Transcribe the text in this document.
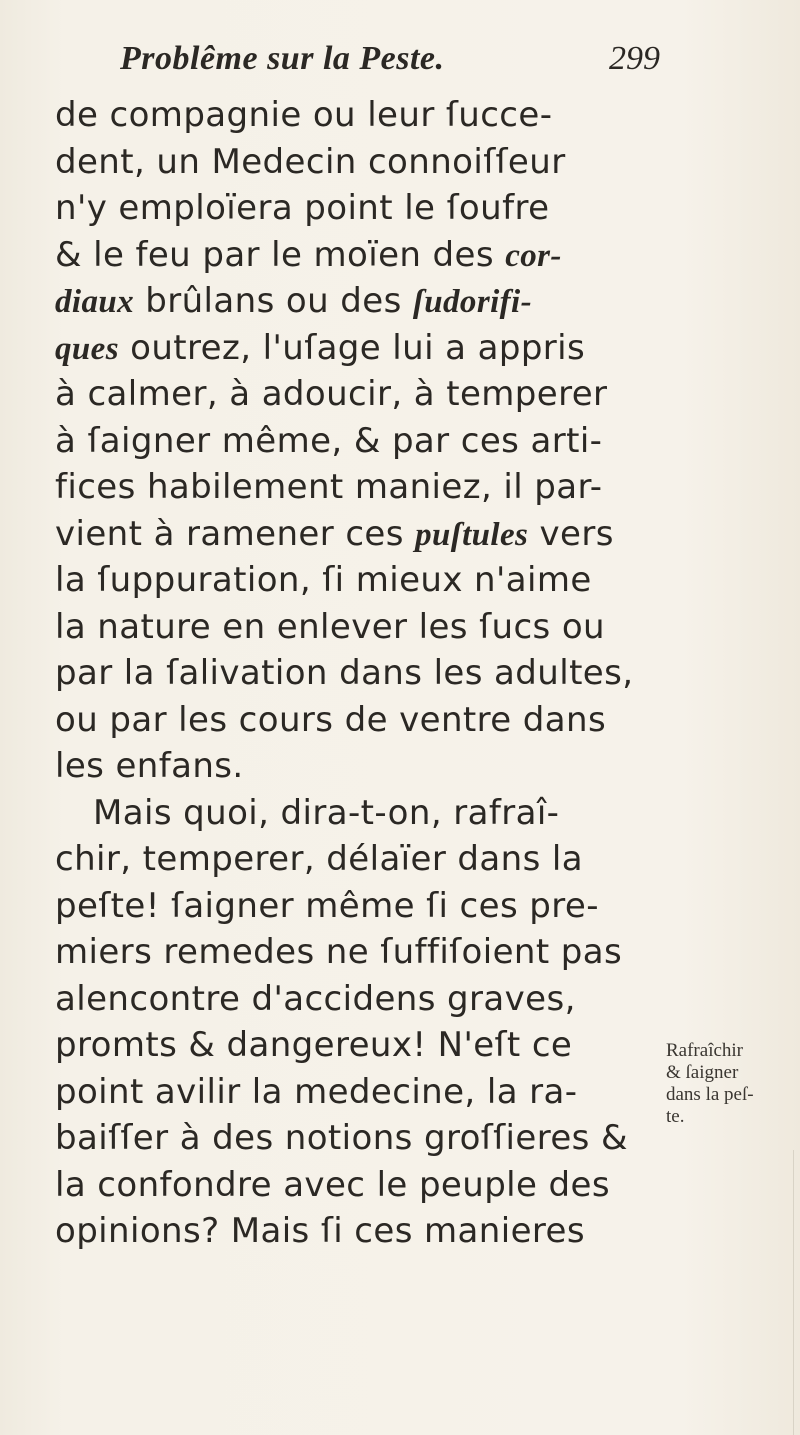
Problême sur la Peste.	299
de compagnie ou leur ſucce-
dent, un Medecin connoiſſeur
n'y emploïera point le ſoufre
& le feu par le moïen des cor-
diaux brûlans ou des ſudorifi-
ques outrez, l'uſage lui a appris
à calmer, à adoucir, à temperer
à ſaigner même, & par ces arti-
fices habilement maniez, il par-
vient à ramener ces puſtules vers
la ſuppuration, ſi mieux n'aime
la nature en enlever les ſucs ou
par la ſalivation dans les adultes,
ou par les cours de ventre dans
les enfans.
Mais quoi, dira-t-on, rafraî-
chir, temperer, délaïer dans la
peſte! ſaigner même ſi ces pre-
miers remedes ne ſuffiſoient pas
alencontre d'accidens graves,
promts & dangereux! N'eſt ce
point avilir la medecine, la ra-
baiſſer à des notions groſſieres &
la confondre avec le peuple des
opinions? Mais ſi ces manieres
Rafraîchir
& ſaigner
dans la peſ-
te.
